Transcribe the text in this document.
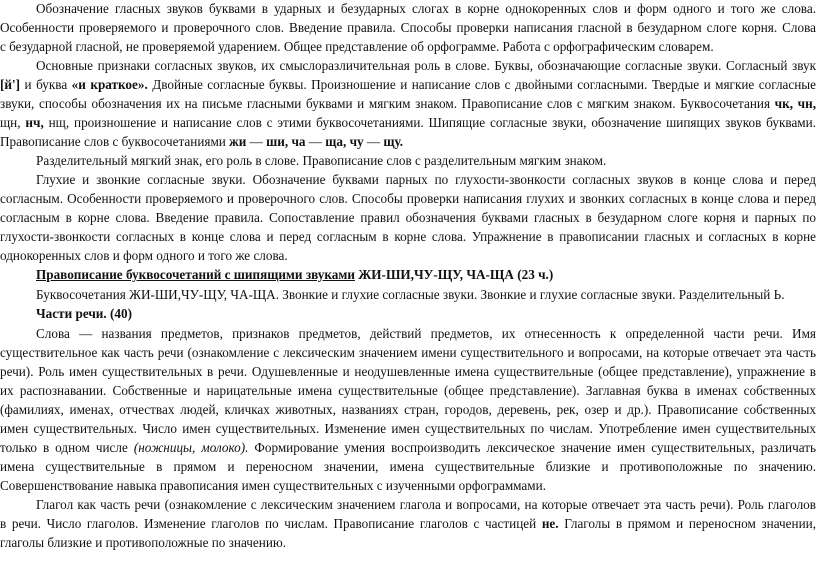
Обозначение гласных звуков буквами в ударных и безударных слогах в корне однокоренных слов и форм одного и того же слова.

Особенности проверяемого и проверочного слов. Введение правила. Способы проверки написания гласной в безударном слоге корня. Слова

с безударной гласной, не проверяемой ударением. Общее представление об орфограмме. Работа с орфографическим словарем.

Основные признаки согласных звуков, их смыслоразличительная роль в слове. Буквы, обозначающие согласные звуки. Согласный звук

[й'] и буква «и краткое». Двойные согласные буквы. Произношение и написание слов с двойными согласными. Твердые и мягкие согласные

звуки, способы обозначения их на письме гласными буквами и мягким знаком. Правописание слов с мягким знаком. Буквосочетания чк, чн,

щн, нч, нщ, произношение и написание слов с этими буквосочетаниями. Шипящие согласные звуки, обозначение шипящих звуков буквами.

Правописание слов с буквосочетаниями жи — ши, ча — ща, чу — щу.

Разделительный мягкий знак, его роль в слове. Правописание слов с разделительным мягким знаком.

Глухие и звонкие согласные звуки. Обозначение буквами парных по глухости-звонкости согласных звуков в конце слова и перед

согласным. Особенности проверяемого и проверочного слов. Способы проверки написания глухих и звонких согласных в конце слова и перед

согласным в корне слова. Введение правила. Сопоставление правил обозначения буквами гласных в безударном слоге корня и парных по

глухости-звонкости согласных в конце слова и перед согласным в корне слова. Упражнение в правописании гласных и согласных в корне

однокоренных слов и форм одного и того же слова.

Правописание буквосочетаний с шипящими звуками ЖИ-ШИ,ЧУ-ЩУ, ЧА-ЩА (23 ч.)

Буквосочетания ЖИ-ШИ,ЧУ-ЩУ, ЧА-ЩА. Звонкие и глухие согласные звуки. Звонкие и глухие согласные звуки. Разделительный Ь.

Части речи. (40)

Слова — названия предметов, признаков предметов, действий предметов, их отнесенность к определенной части речи. Имя

существительное как часть речи (ознакомление с лексическим значением имени существительного и вопросами, на которые отвечает эта часть

речи). Роль имен существительных в речи. Одушевленные и неодушевленные имена существительные (общее представление), упражнение в

их распознавании. Собственные и нарицательные имена существительные (общее представление). Заглавная буква в именах собственных

(фамилиях, именах, отчествах людей, кличках животных, названиях стран, городов, деревень, рек, озер и др.). Правописание собственных

имен существительных. Число имен существительных. Изменение имен существительных по числам. Употребление имен существительных

только в одном числе (ножницы, молоко). Формирование умения воспроизводить лексическое значение имен существительных, различать

имена существительные в прямом и переносном значении, имена существительные близкие и противоположные по значению.

Совершенствование навыка правописания имен существительных с изученными орфограммами.

Глагол как часть речи (ознакомление с лексическим значением глагола и вопросами, на которые отвечает эта часть речи). Роль глаголов

в речи. Число глаголов. Изменение глаголов по числам. Правописание глаголов с частицей не. Глаголы в прямом и переносном значении,

глаголы близкие и противоположные по значению.
